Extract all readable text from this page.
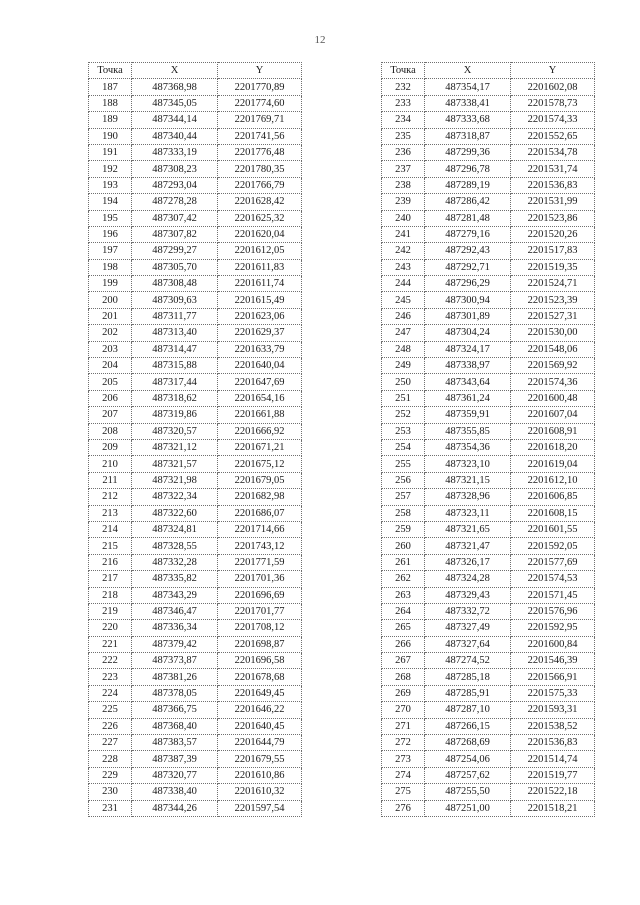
12
Точка	X	Y
187	487368,98	2201770,89
188	487345,05	2201774,60
189	487344,14	2201769,71
190	487340,44	2201741,56
191	487333,19	2201776,48
192	487308,23	2201780,35
193	487293,04	2201766,79
194	487278,28	2201628,42
195	487307,42	2201625,32
196	487307,82	2201620,04
197	487299,27	2201612,05
198	487305,70	2201611,83
199	487308,48	2201611,74
200	487309,63	2201615,49
201	487311,77	2201623,06
202	487313,40	2201629,37
203	487314,47	2201633,79
204	487315,88	2201640,04
205	487317,44	2201647,69
206	487318,62	2201654,16
207	487319,86	2201661,88
208	487320,57	2201666,92
209	487321,12	2201671,21
210	487321,57	2201675,12
211	487321,98	2201679,05
212	487322,34	2201682,98
213	487322,60	2201686,07
214	487324,81	2201714,66
215	487328,55	2201743,12
216	487332,28	2201771,59
217	487335,82	2201701,36
218	487343,29	2201696,69
219	487346,47	2201701,77
220	487336,34	2201708,12
221	487379,42	2201698,87
222	487373,87	2201696,58
223	487381,26	2201678,68
224	487378,05	2201649,45
225	487366,75	2201646,22
226	487368,40	2201640,45
227	487383,57	2201644,79
228	487387,39	2201679,55
229	487320,77	2201610,86
230	487338,40	2201610,32
231	487344,26	2201597,54
Точка	X	Y
232	487354,17	2201602,08
233	487338,41	2201578,73
234	487333,68	2201574,33
235	487318,87	2201552,65
236	487299,36	2201534,78
237	487296,78	2201531,74
238	487289,19	2201536,83
239	487286,42	2201531,99
240	487281,48	2201523,86
241	487279,16	2201520,26
242	487292,43	2201517,83
243	487292,71	2201519,35
244	487296,29	2201524,71
245	487300,94	2201523,39
246	487301,89	2201527,31
247	487304,24	2201530,00
248	487324,17	2201548,06
249	487338,97	2201569,92
250	487343,64	2201574,36
251	487361,24	2201600,48
252	487359,91	2201607,04
253	487355,85	2201608,91
254	487354,36	2201618,20
255	487323,10	2201619,04
256	487321,15	2201612,10
257	487328,96	2201606,85
258	487323,11	2201608,15
259	487321,65	2201601,55
260	487321,47	2201592,05
261	487326,17	2201577,69
262	487324,28	2201574,53
263	487329,43	2201571,45
264	487332,72	2201576,96
265	487327,49	2201592,95
266	487327,64	2201600,84
267	487274,52	2201546,39
268	487285,18	2201566,91
269	487285,91	2201575,33
270	487287,10	2201593,31
271	487266,15	2201538,52
272	487268,69	2201536,83
273	487254,06	2201514,74
274	487257,62	2201519,77
275	487255,50	2201522,18
276	487251,00	2201518,21
